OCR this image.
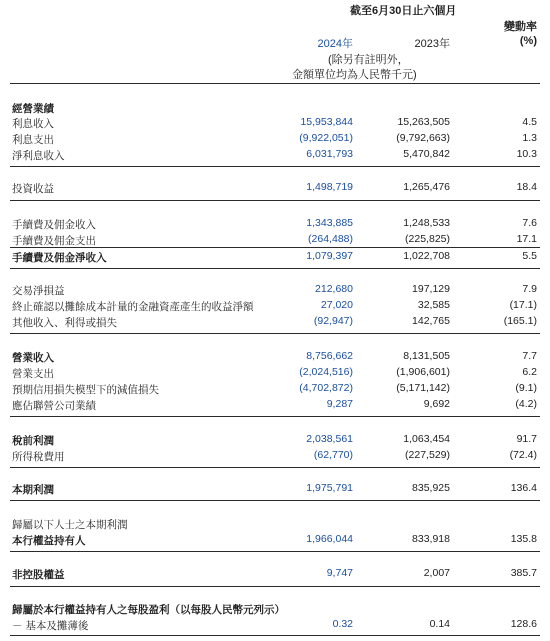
截至6月30日止六個月
變動率
(%)
2024年	2023年
(除另有註明外，
金額單位均為人民幣千元)
經營業績
利息收入	15,953,844	15,263,505	4.5
利息支出	(9,922,051)	(9,792,663)	1.3
淨利息收入	6,031,793	5,470,842	10.3
投資收益	1,498,719	1,265,476	18.4
手續費及佣金收入	1,343,885	1,248,533	7.6
手續費及佣金支出	(264,488)	(225,825)	17.1
手續費及佣金淨收入	1,079,397	1,022,708	5.5
交易淨損益	212,680	197,129	7.9
終止確認以攤餘成本計量的金融資產產生的收益淨額	27,020	32,585	(17.1)
其他收入、利得或損失	(92,947)	142,765	(165.1)
營業收入	8,756,662	8,131,505	7.7
營業支出	(2,024,516)	(1,906,601)	6.2
預期信用損失模型下的減值損失	(4,702,872)	(5,171,142)	(9.1)
應佔聯營公司業績	9,287	9,692	(4.2)
稅前利潤	2,038,561	1,063,454	91.7
所得稅費用	(62,770)	(227,529)	(72.4)
本期利潤	1,975,791	835,925	136.4
歸屬以下人士之本期利潤
本行權益持有人	1,966,044	833,918	135.8
非控股權益	9,747	2,007	385.7
歸屬於本行權益持有人之每股盈利（以每股人民幣元列示）
－ 基本及攤薄後	0.32	0.14	128.6
